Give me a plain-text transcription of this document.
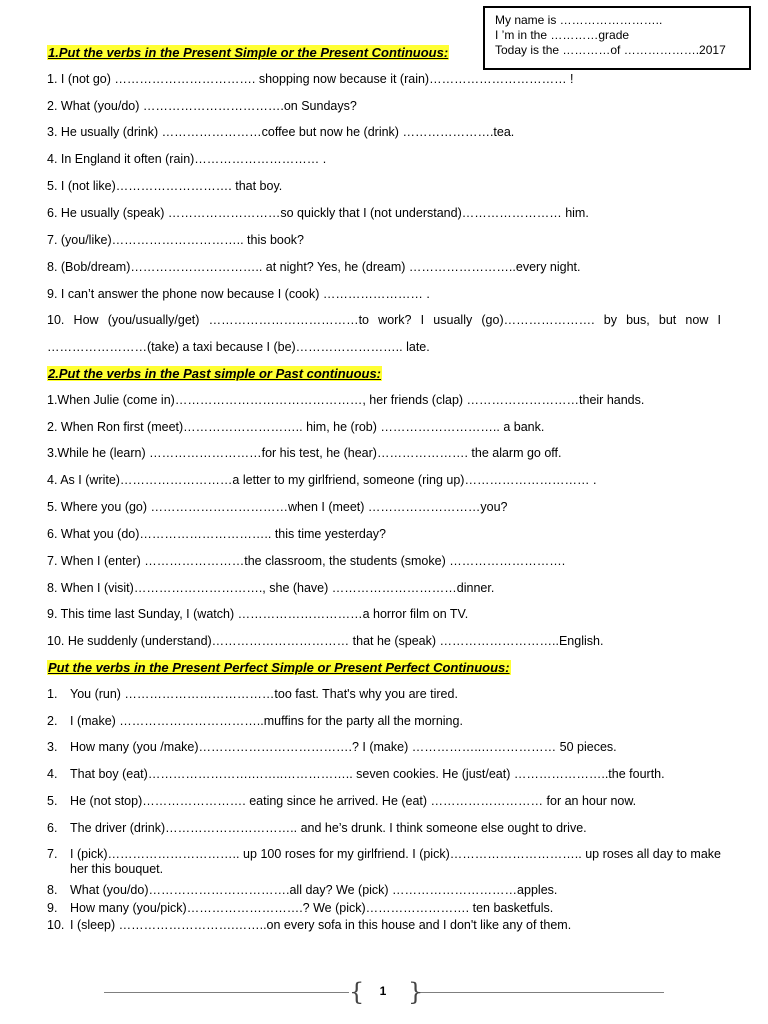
My name is ……………………..
I ’m in the …………grade
Today is the …………of ……………….2017
1.Put the verbs in the Present Simple or the Present Continuous:
1. I (not go) ……………………………. shopping now because it (rain)…………………………… !
2. What (you/do) …………………………….on Sundays?
3. He usually (drink) ……………………coffee but now he (drink) ………………….tea.
4. In England it often (rain)………………………… .
5. I (not like)………………………. that boy.
6. He usually (speak) ………………………so quickly that I (not understand)…………………… him.
7. (you/like)………………………….. this book?
8. (Bob/dream)………………………….. at night? Yes, he (dream) ……………………..every night.
9. I can’t answer the phone now because I (cook) …………………… .
10. How (you/usually/get) ………………………………to work? I usually (go)…………………. by bus, but now I
……………………(take) a taxi because I (be)…………………….. late.
2.Put the verbs in the Past simple or Past continuous:
1.When Julie (come in)………………………………………, her friends (clap) ………………………their hands.
2. When Ron first (meet)……………………….. him, he (rob) ……………………….. a bank.
3.While he (learn) ………………………for his test, he (hear)…………………. the alarm go off.
4. As I (write)………………………a letter to my girlfriend, someone (ring up)………………………… .
5. Where you (go) ……………………………when I (meet) ………………………you?
6. What you (do)………………………….. this time yesterday?
7. When I (enter) ……………………the classroom, the students (smoke) ……………………….
8. When I (visit)…………………………., she (have) …………………………dinner.
9. This time last Sunday, I (watch) …………………………a horror film on TV.
10. He suddenly (understand)…………………………… that he (speak) ………………………..English.
Put the verbs in the Present Perfect Simple or Present Perfect Continuous:
1. You (run) ………………………………too fast. That's why you are tired.
2. I (make) ……………………………..muffins for the party all the morning.
3. How many (you /make)……………………………….? I (make) ……………..……………… 50 pieces.
4. That boy (eat)…………………….……..…………….. seven cookies. He (just/eat) …………………..the fourth.
5. He (not stop)……………………. eating since he arrived. He (eat) ……………………… for an hour now.
6. The driver (drink)………………………….. and he’s drunk. I think someone else ought to drive.
7. I (pick)………………………….. up 100 roses for my girlfriend. I (pick)………………………….. up roses all day to make her this bouquet.
8. What (you/do)…………………………….all day? We (pick) …………………………apples.
9. How many (you/pick)……………………….? We (pick)……………………. ten basketfuls.
10. I (sleep) ……………………….……..on every sofa in this house and I don't like any of them.
{	1 }
